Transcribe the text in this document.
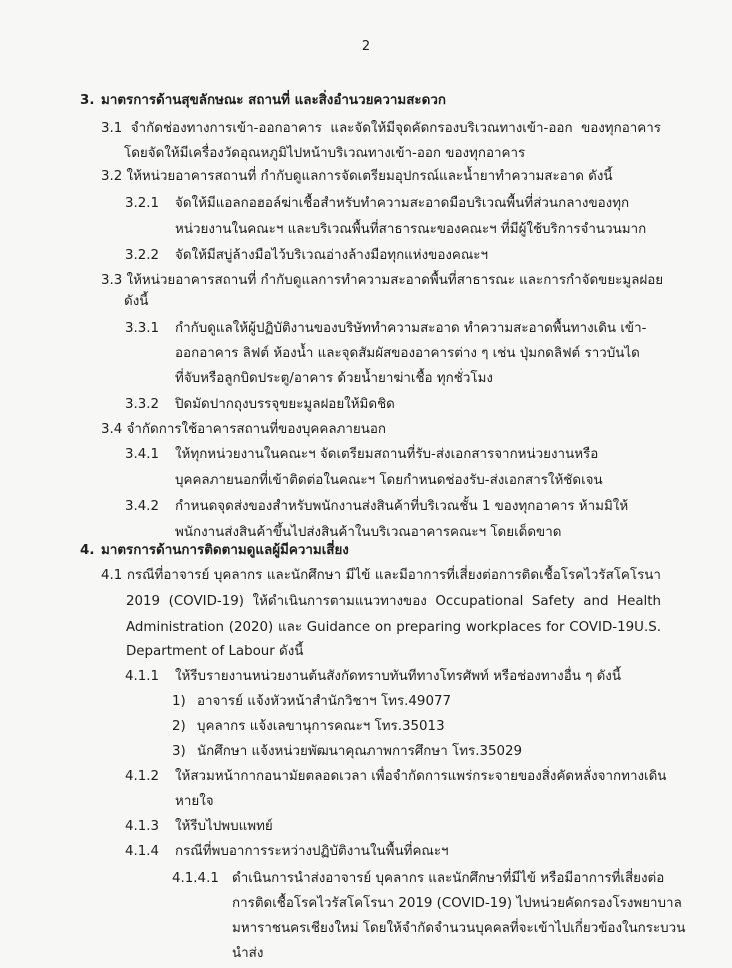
2
3. มาตรการด้านสุขลักษณะ สถานที่ และสิ่งอำนวยความสะดวก
3.1 จำกัดช่องทางการเข้า-ออกอาคาร และจัดให้มีจุดคัดกรองบริเวณทางเข้า-ออก ของทุกอาคาร
โดยจัดให้มีเครื่องวัดอุณหภูมิไปหน้าบริเวณทางเข้า-ออก ของทุกอาคาร
3.2 ให้หน่วยอาคารสถานที่ กำกับดูแลการจัดเตรียมอุปกรณ์และน้ำยาทำความสะอาด ดังนี้
3.2.1 จัดให้มีแอลกอฮอล์ฆ่าเชื้อสำหรับทำความสะอาดมือบริเวณพื้นที่ส่วนกลางของทุก
หน่วยงานในคณะฯ และบริเวณพื้นที่สาธารณะของคณะฯ ที่มีผู้ใช้บริการจำนวนมาก
3.2.2 จัดให้มีสบู่ล้างมือไว้บริเวณอ่างล้างมือทุกแห่งของคณะฯ
3.3 ให้หน่วยอาคารสถานที่ กำกับดูแลการทำความสะอาดพื้นที่สาธารณะ และการกำจัดขยะมูลฝอย
ดังนี้
3.3.1 กำกับดูแลให้ผู้ปฏิบัติงานของบริษัททำความสะอาด ทำความสะอาดพื้นทางเดิน เข้า-
ออกอาคาร ลิฟต์ ห้องน้ำ และจุดสัมผัสของอาคารต่าง ๆ เช่น ปุ่มกดลิฟต์ ราวบันได
ที่จับหรือลูกบิดประตู/อาคาร ด้วยน้ำยาฆ่าเชื้อ ทุกชั่วโมง
3.3.2 ปิดมัดปากถุงบรรจุขยะมูลฝอยให้มิดชิด
3.4 จำกัดการใช้อาคารสถานที่ของบุคคลภายนอก
3.4.1 ให้ทุกหน่วยงานในคณะฯ จัดเตรียมสถานที่รับ-ส่งเอกสารจากหน่วยงานหรือ
บุคคลภายนอกที่เข้าติดต่อในคณะฯ โดยกำหนดช่องรับ-ส่งเอกสารให้ชัดเจน
3.4.2 กำหนดจุดส่งของสำหรับพนักงานส่งสินค้าที่บริเวณชั้น 1 ของทุกอาคาร ห้ามมิให้
พนักงานส่งสินค้าขึ้นไปส่งสินค้าในบริเวณอาคารคณะฯ โดยเด็ดขาด
4. มาตรการด้านการติดตามดูแลผู้มีความเสี่ยง
4.1 กรณีที่อาจารย์ บุคลากร และนักศึกษา มีไข้ และมีอาการที่เสี่ยงต่อการติดเชื้อโรคไวรัสโคโรนา
2019 (COVID-19) ให้ดำเนินการตามแนวทางของ Occupational Safety and Health
Administration (2020) และ Guidance on preparing workplaces for COVID-19U.S.
Department of Labour ดังนี้
4.1.1 ให้รีบรายงานหน่วยงานต้นสังกัดทราบทันทีทางโทรศัพท์ หรือช่องทางอื่น ๆ ดังนี้
1) อาจารย์ แจ้งหัวหน้าสำนักวิชาฯ โทร.49077
2) บุคลากร แจ้งเลขานุการคณะฯ โทร.35013
3) นักศึกษา แจ้งหน่วยพัฒนาคุณภาพการศึกษา โทร.35029
4.1.2 ให้สวมหน้ากากอนามัยตลอดเวลา เพื่อจำกัดการแพร่กระจายของสิ่งคัดหลั่งจากทางเดิน
หายใจ
4.1.3 ให้รีบไปพบแพทย์
4.1.4 กรณีที่พบอาการระหว่างปฏิบัติงานในพื้นที่คณะฯ
4.1.4.1 ดำเนินการนำส่งอาจารย์ บุคลากร และนักศึกษาที่มีไข้ หรือมีอาการที่เสี่ยงต่อ
การติดเชื้อโรคไวรัสโคโรนา 2019 (COVID-19) ไปหน่วยคัดกรองโรงพยาบาล
มหาราชนครเชียงใหม่ โดยให้จำกัดจำนวนบุคคลที่จะเข้าไปเกี่ยวข้องในกระบวน
นำส่ง
